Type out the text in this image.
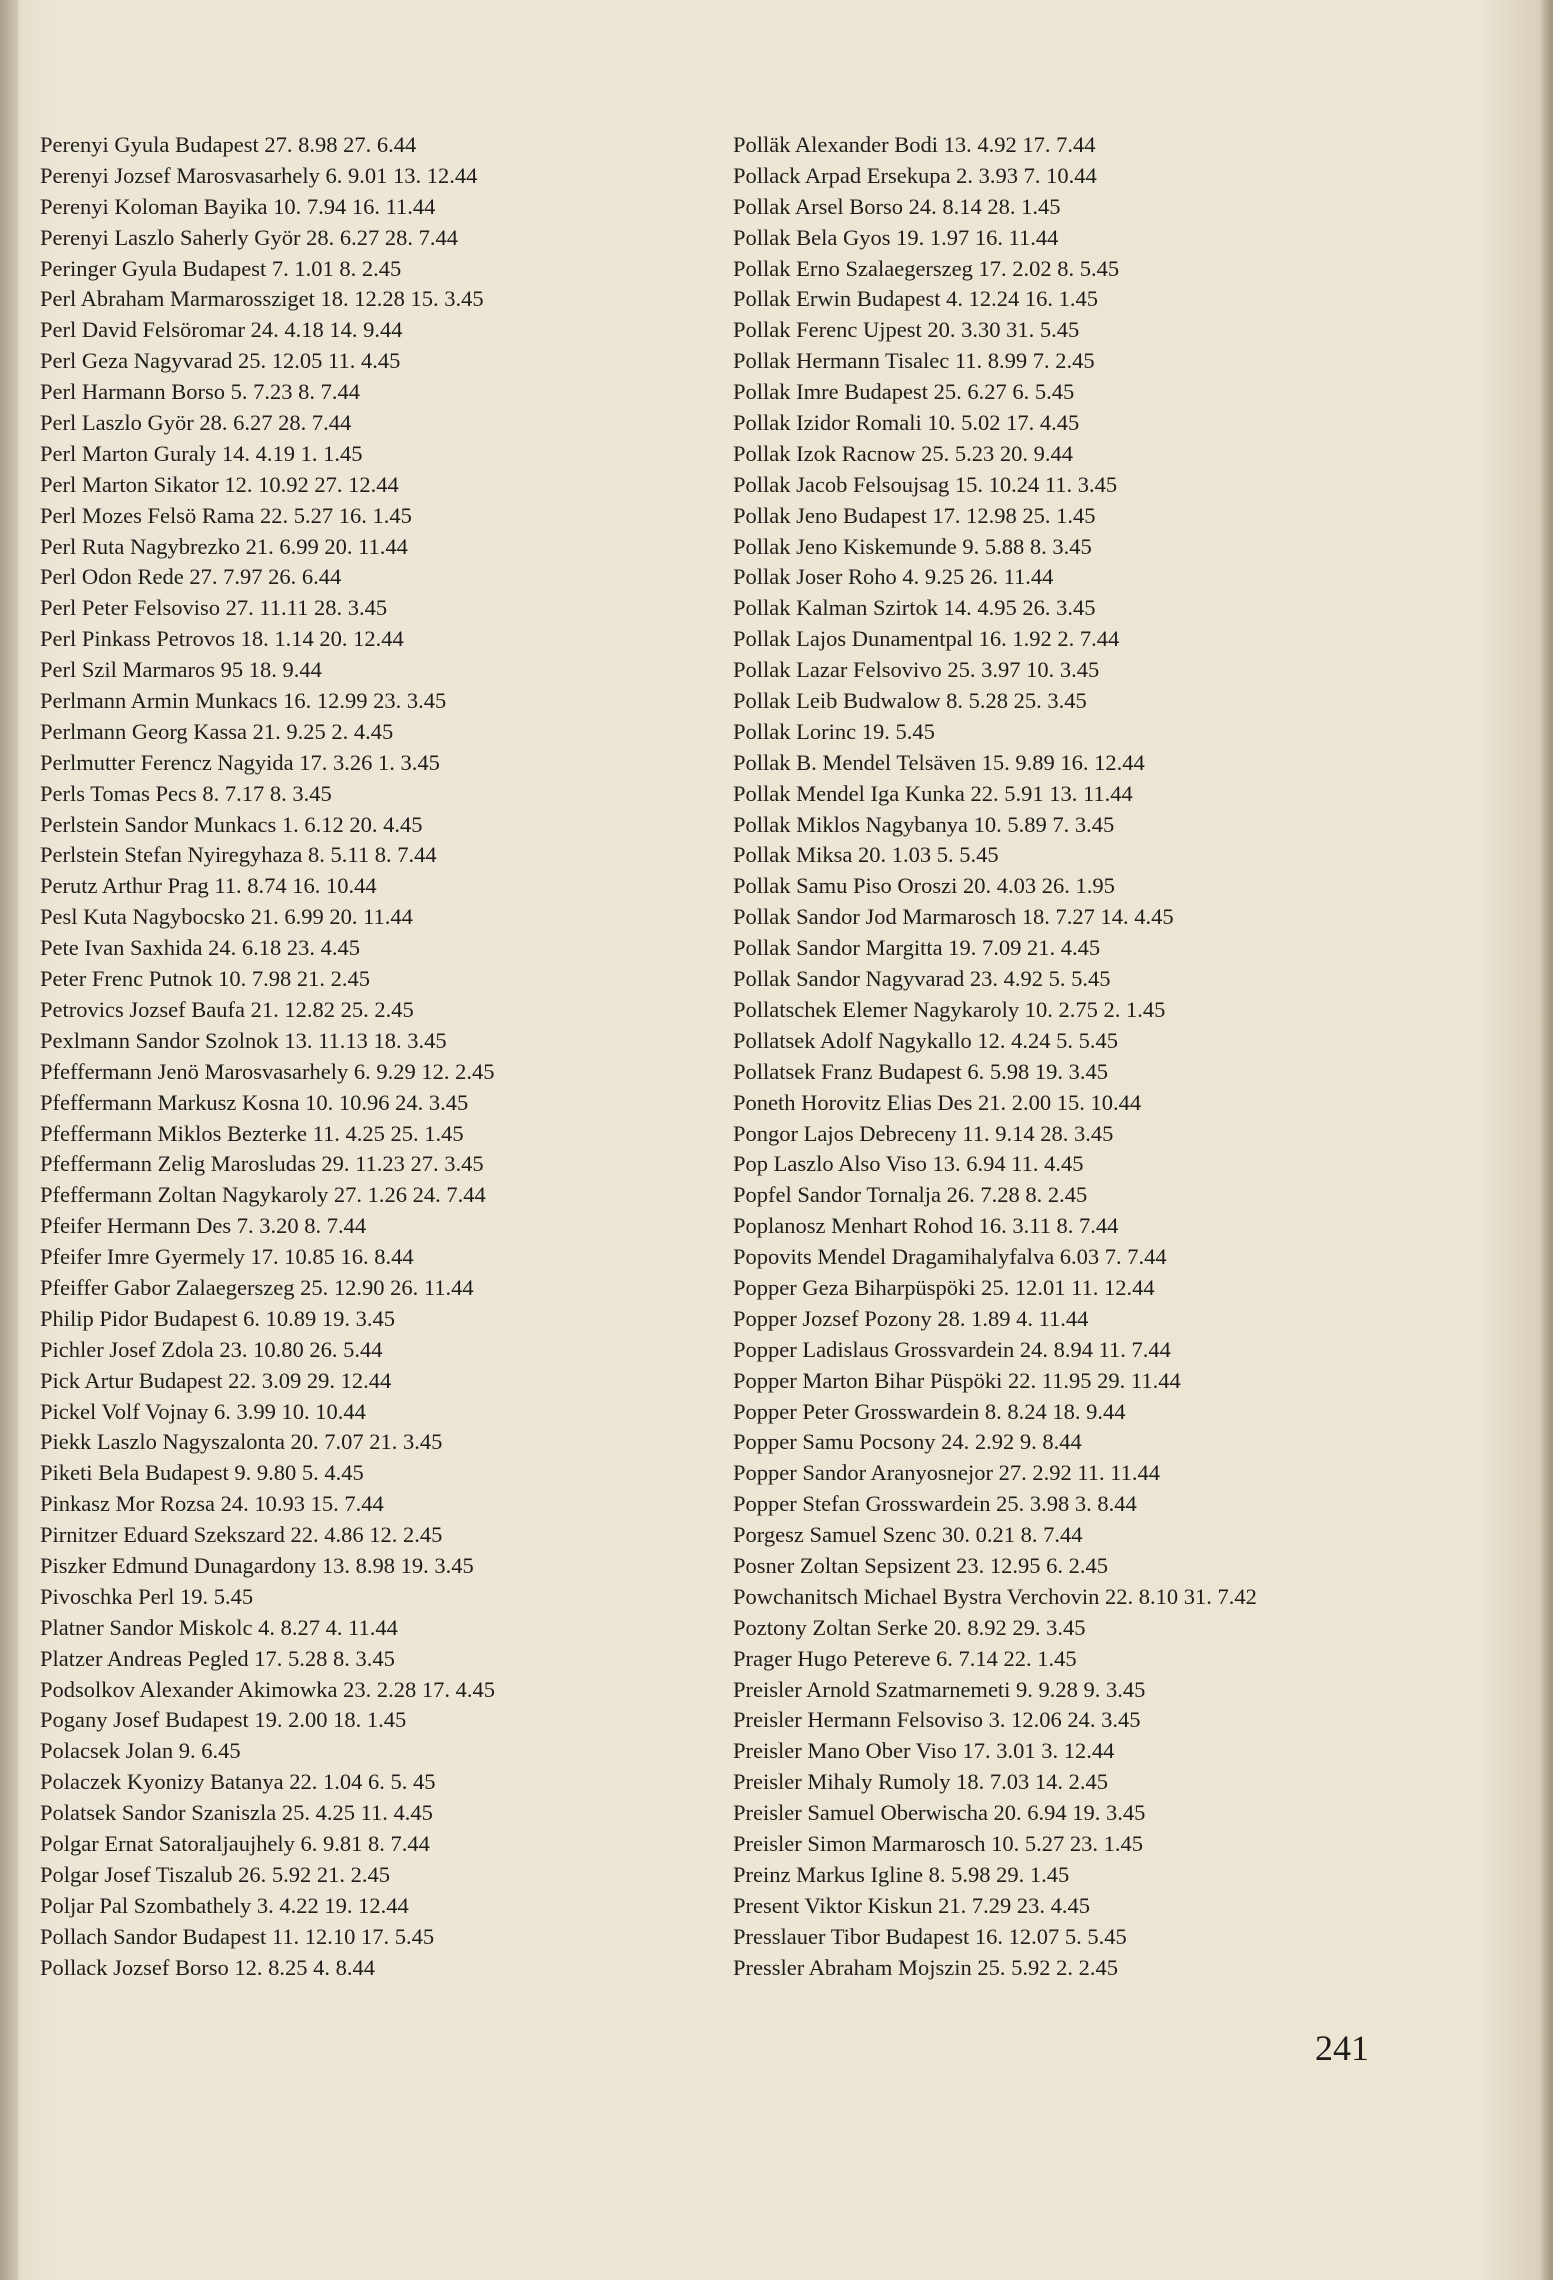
Perenyi Gyula Budapest 27. 8.98 27. 6.44
Perenyi Jozsef Marosvasarhely 6. 9.01 13. 12.44
Perenyi Koloman Bayika 10. 7.94 16. 11.44
Perenyi Laszlo Saherly Györ 28. 6.27 28. 7.44
Peringer Gyula Budapest 7. 1.01 8. 2.45
Perl Abraham Marmarossziget 18. 12.28 15. 3.45
Perl David Felsöromar 24. 4.18 14. 9.44
Perl Geza Nagyvarad 25. 12.05 11. 4.45
Perl Harmann Borso 5. 7.23 8. 7.44
Perl Laszlo Györ 28. 6.27 28. 7.44
Perl Marton Guraly 14. 4.19 1. 1.45
Perl Marton Sikator 12. 10.92 27. 12.44
Perl Mozes Felsö Rama 22. 5.27 16. 1.45
Perl Ruta Nagybrezko 21. 6.99 20. 11.44
Perl Odon Rede 27. 7.97 26. 6.44
Perl Peter Felsoviso 27. 11.11 28. 3.45
Perl Pinkass Petrovos 18. 1.14 20. 12.44
Perl Szil Marmaros 95 18. 9.44
Perlmann Armin Munkacs 16. 12.99 23. 3.45
Perlmann Georg Kassa 21. 9.25 2. 4.45
Perlmutter Ferencz Nagyida 17. 3.26 1. 3.45
Perls Tomas Pecs 8. 7.17 8. 3.45
Perlstein Sandor Munkacs 1. 6.12 20. 4.45
Perlstein Stefan Nyiregyhaza 8. 5.11 8. 7.44
Perutz Arthur Prag 11. 8.74 16. 10.44
Pesl Kuta Nagybocsko 21. 6.99 20. 11.44
Pete Ivan Saxhida 24. 6.18 23. 4.45
Peter Frenc Putnok 10. 7.98 21. 2.45
Petrovics Jozsef Baufa 21. 12.82 25. 2.45
Pexlmann Sandor Szolnok 13. 11.13 18. 3.45
Pfeffermann Jenö Marosvasarhely 6. 9.29 12. 2.45
Pfeffermann Markusz Kosna 10. 10.96 24. 3.45
Pfeffermann Miklos Bezterke 11. 4.25 25. 1.45
Pfeffermann Zelig Marosludas 29. 11.23 27. 3.45
Pfeffermann Zoltan Nagykaroly 27. 1.26 24. 7.44
Pfeifer Hermann Des 7. 3.20 8. 7.44
Pfeifer Imre Gyermely 17. 10.85 16. 8.44
Pfeiffer Gabor Zalaegerszeg 25. 12.90 26. 11.44
Philip Pidor Budapest 6. 10.89 19. 3.45
Pichler Josef Zdola 23. 10.80 26. 5.44
Pick Artur Budapest 22. 3.09 29. 12.44
Pickel Volf Vojnay 6. 3.99 10. 10.44
Piekk Laszlo Nagyszalonta 20. 7.07 21. 3.45
Piketi Bela Budapest 9. 9.80 5. 4.45
Pinkasz Mor Rozsa 24. 10.93 15. 7.44
Pirnitzer Eduard Szekszard 22. 4.86 12. 2.45
Piszker Edmund Dunagardony 13. 8.98 19. 3.45
Pivoschka Perl 19. 5.45
Platner Sandor Miskolc 4. 8.27 4. 11.44
Platzer Andreas Pegled 17. 5.28 8. 3.45
Podsolkov Alexander Akimowka 23. 2.28 17. 4.45
Pogany Josef Budapest 19. 2.00 18. 1.45
Polacsek Jolan 9. 6.45
Polaczek Kyonizy Batanya 22. 1.04 6. 5. 45
Polatsek Sandor Szaniszla 25. 4.25 11. 4.45
Polgar Ernat Satoraljaujhely 6. 9.81 8. 7.44
Polgar Josef Tiszalub 26. 5.92 21. 2.45
Poljar Pal Szombathely 3. 4.22 19. 12.44
Pollach Sandor Budapest 11. 12.10 17. 5.45
Pollack Jozsef Borso 12. 8.25 4. 8.44
Polläk Alexander Bodi 13. 4.92 17. 7.44
Pollack Arpad Ersekupa 2. 3.93 7. 10.44
Pollak Arsel Borso 24. 8.14 28. 1.45
Pollak Bela Gyos 19. 1.97 16. 11.44
Pollak Erno Szalaegerszeg 17. 2.02 8. 5.45
Pollak Erwin Budapest 4. 12.24 16. 1.45
Pollak Ferenc Ujpest 20. 3.30 31. 5.45
Pollak Hermann Tisalec 11. 8.99 7. 2.45
Pollak Imre Budapest 25. 6.27 6. 5.45
Pollak Izidor Romali 10. 5.02 17. 4.45
Pollak Izok Racnow 25. 5.23 20. 9.44
Pollak Jacob Felsoujsag 15. 10.24 11. 3.45
Pollak Jeno Budapest 17. 12.98 25. 1.45
Pollak Jeno Kiskemunde 9. 5.88 8. 3.45
Pollak Joser Roho 4. 9.25 26. 11.44
Pollak Kalman Szirtok 14. 4.95 26. 3.45
Pollak Lajos Dunamentpal 16. 1.92 2. 7.44
Pollak Lazar Felsovivo 25. 3.97 10. 3.45
Pollak Leib Budwalow 8. 5.28 25. 3.45
Pollak Lorinc 19. 5.45
Pollak B. Mendel Telsäven 15. 9.89 16. 12.44
Pollak Mendel Iga Kunka 22. 5.91 13. 11.44
Pollak Miklos Nagybanya 10. 5.89 7. 3.45
Pollak Miksa 20. 1.03 5. 5.45
Pollak Samu Piso Oroszi 20. 4.03 26. 1.95
Pollak Sandor Jod Marmarosch 18. 7.27 14. 4.45
Pollak Sandor Margitta 19. 7.09 21. 4.45
Pollak Sandor Nagyvarad 23. 4.92 5. 5.45
Pollatschek Elemer Nagykaroly 10. 2.75 2. 1.45
Pollatsek Adolf Nagykallo 12. 4.24 5. 5.45
Pollatsek Franz Budapest 6. 5.98 19. 3.45
Poneth Horovitz Elias Des 21. 2.00 15. 10.44
Pongor Lajos Debreceny 11. 9.14 28. 3.45
Pop Laszlo Also Viso 13. 6.94 11. 4.45
Popfel Sandor Tornalja 26. 7.28 8. 2.45
Poplanosz Menhart Rohod 16. 3.11 8. 7.44
Popovits Mendel Dragamihalyfalva 6.03 7. 7.44
Popper Geza Biharpüspöki 25. 12.01 11. 12.44
Popper Jozsef Pozony 28. 1.89 4. 11.44
Popper Ladislaus Grossvardein 24. 8.94 11. 7.44
Popper Marton Bihar Püspöki 22. 11.95 29. 11.44
Popper Peter Grosswardein 8. 8.24 18. 9.44
Popper Samu Pocsony 24. 2.92 9. 8.44
Popper Sandor Aranyosnejor 27. 2.92 11. 11.44
Popper Stefan Grosswardein 25. 3.98 3. 8.44
Porgesz Samuel Szenc 30. 0.21 8. 7.44
Posner Zoltan Sepsizent 23. 12.95 6. 2.45
Powchanitsch Michael Bystra Verchovin 22. 8.10 31. 7.42
Poztony Zoltan Serke 20. 8.92 29. 3.45
Prager Hugo Petereve 6. 7.14 22. 1.45
Preisler Arnold Szatmarnemeti 9. 9.28 9. 3.45
Preisler Hermann Felsoviso 3. 12.06 24. 3.45
Preisler Mano Ober Viso 17. 3.01 3. 12.44
Preisler Mihaly Rumoly 18. 7.03 14. 2.45
Preisler Samuel Oberwischa 20. 6.94 19. 3.45
Preisler Simon Marmarosch 10. 5.27 23. 1.45
Preinz Markus Igline 8. 5.98 29. 1.45
Present Viktor Kiskun 21. 7.29 23. 4.45
Presslauer Tibor Budapest 16. 12.07 5. 5.45
Pressler Abraham Mojszin 25. 5.92 2. 2.45
241
